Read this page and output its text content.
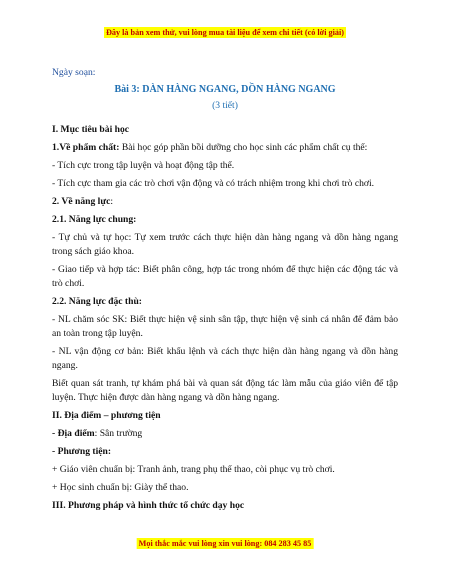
Đây là bản xem thử, vui lòng mua tài liệu để xem chi tiết (có lời giải)
Ngày soạn:
Bài 3: DÀN HÀNG NGANG, DỒN HÀNG NGANG
(3 tiết)
I. Mục tiêu bài học
1.Về phẩm chất: Bài học góp phần bồi dưỡng cho học sinh các phẩm chất cụ thể:
- Tích cực trong tập luyện và hoạt động tập thể.
- Tích cực tham gia các trò chơi vận động và có trách nhiệm trong khi chơi trò chơi.
2. Về năng lực:
2.1. Năng lực chung:
- Tự chủ và tự học: Tự xem trước cách thực hiện dàn hàng ngang và dồn hàng ngang trong sách giáo khoa.
- Giao tiếp và hợp tác: Biết phân công, hợp tác trong nhóm để thực hiện các động tác và trò chơi.
2.2. Năng lực đặc thù:
- NL chăm sóc SK: Biết thực hiện vệ sinh sân tập, thực hiện vệ sinh cá nhân để đảm bảo an toàn trong tập luyện.
- NL vận động cơ bản: Biết khẩu lệnh và cách thực hiện dàn hàng ngang và dồn hàng ngang.
Biết quan sát tranh, tự khám phá bài và quan sát động tác làm mẫu của giáo viên để tập luyện. Thực hiện được dàn hàng ngang và dồn hàng ngang.
II. Địa điểm – phương tiện
- Địa điểm: Sân trường
- Phương tiện:
+ Giáo viên chuẩn bị: Tranh ảnh, trang phụ thể thao, còi phục vụ trò chơi.
+ Học sinh chuẩn bị: Giày thể thao.
III. Phương pháp và hình thức tổ chức dạy học
Mọi thắc mắc vui lòng xin vui lòng: 084 283 45 85
